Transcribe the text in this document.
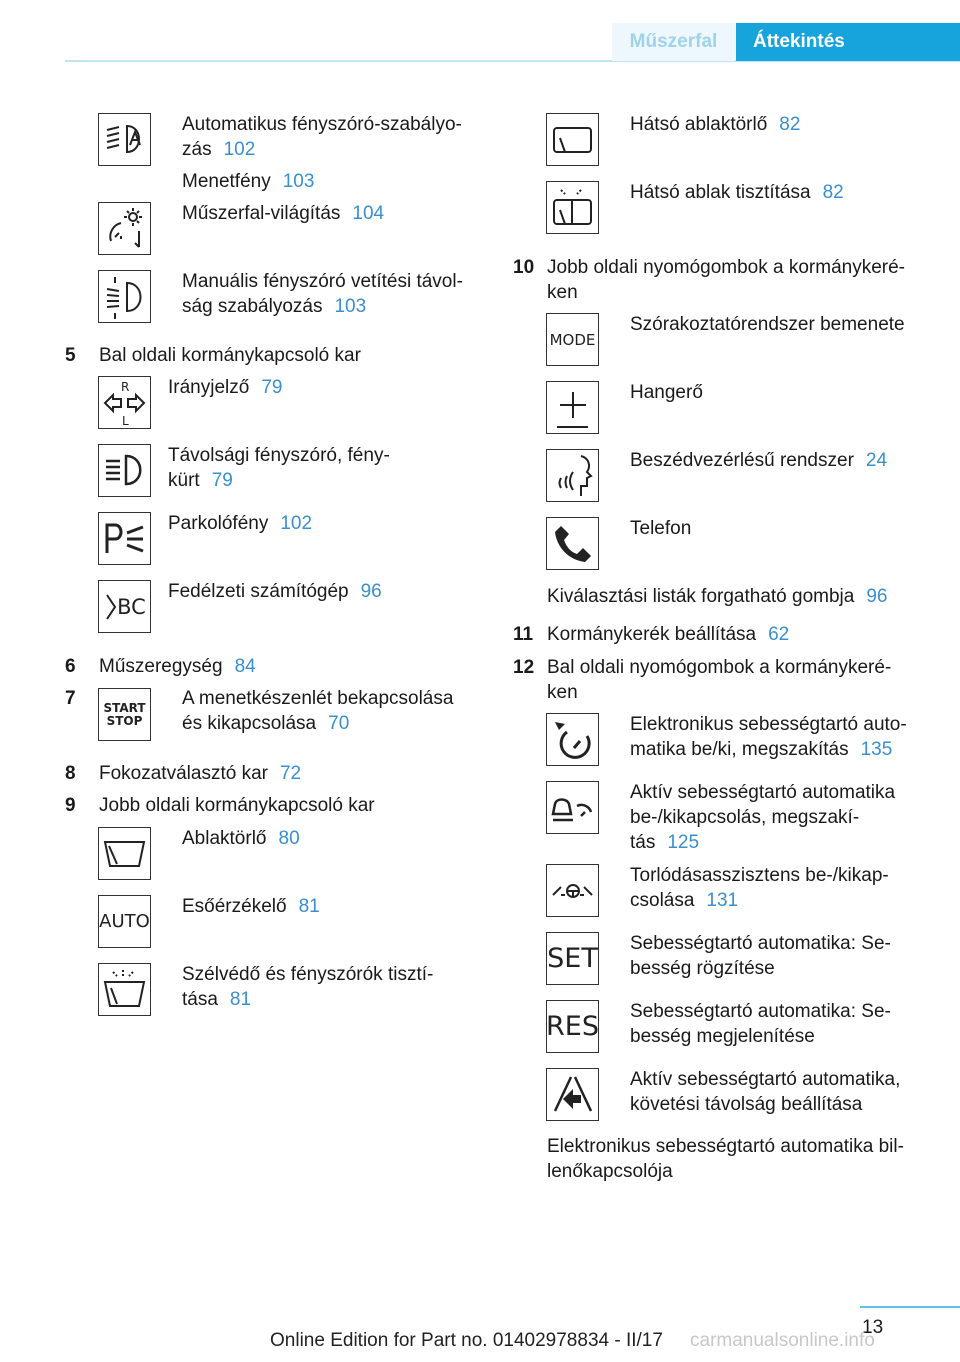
Műszerfal	Áttekintés
Automatikus fényszóró-szabályo-
zás 102
Menetfény 103
Műszerfal-világítás 104
Manuális fényszóró vetítési távol-
ság szabályozás 103
5 Bal oldali kormánykapcsoló kar
R
L
Irányjelző 79
Távolsági fényszóró, fény-
kürt 79
Parkolófény 102
BC
Fedélzeti számítógép 96
6 Műszeregység 84
7 START
STOP
A menetkészenlét bekapcsolása
és kikapcsolása 70
8 Fokozatválasztó kar 72
9 Jobb oldali kormánykapcsoló kar
Ablaktörlő 80
AUTO
Esőérzékelő 81
Szélvédő és fényszórók tisztí-
tása 81
Hátsó ablaktörlő 82
Hátsó ablak tisztítása 82
10 Jobb oldali nyomógombok a kormánykeré-
ken
MODE
Szórakoztatórendszer bemenete
Hangerő
Beszédvezérlésű rendszer 24
Telefon
Kiválasztási listák forgatható gombja 96
11 Kormánykerék beállítása 62
12 Bal oldali nyomógombok a kormánykeré-
ken
Elektronikus sebességtartó auto-
matika be/ki, megszakítás 135
Aktív sebességtartó automatika
be-/kikapcsolás, megszakí-
tás 125
Torlódásasszisztens be-/kikap-
csolása 131
SET Sebességtartó automatika: Se-
besség rögzítése
RES Sebességtartó automatika: Se-
besség megjelenítése
Aktív sebességtartó automatika,
követési távolság beállítása
Elektronikus sebességtartó automatika bil-
lenőkapcsolója
13
Online Edition for Part no. 01402978834 - II/17 carmanualsonline.info
